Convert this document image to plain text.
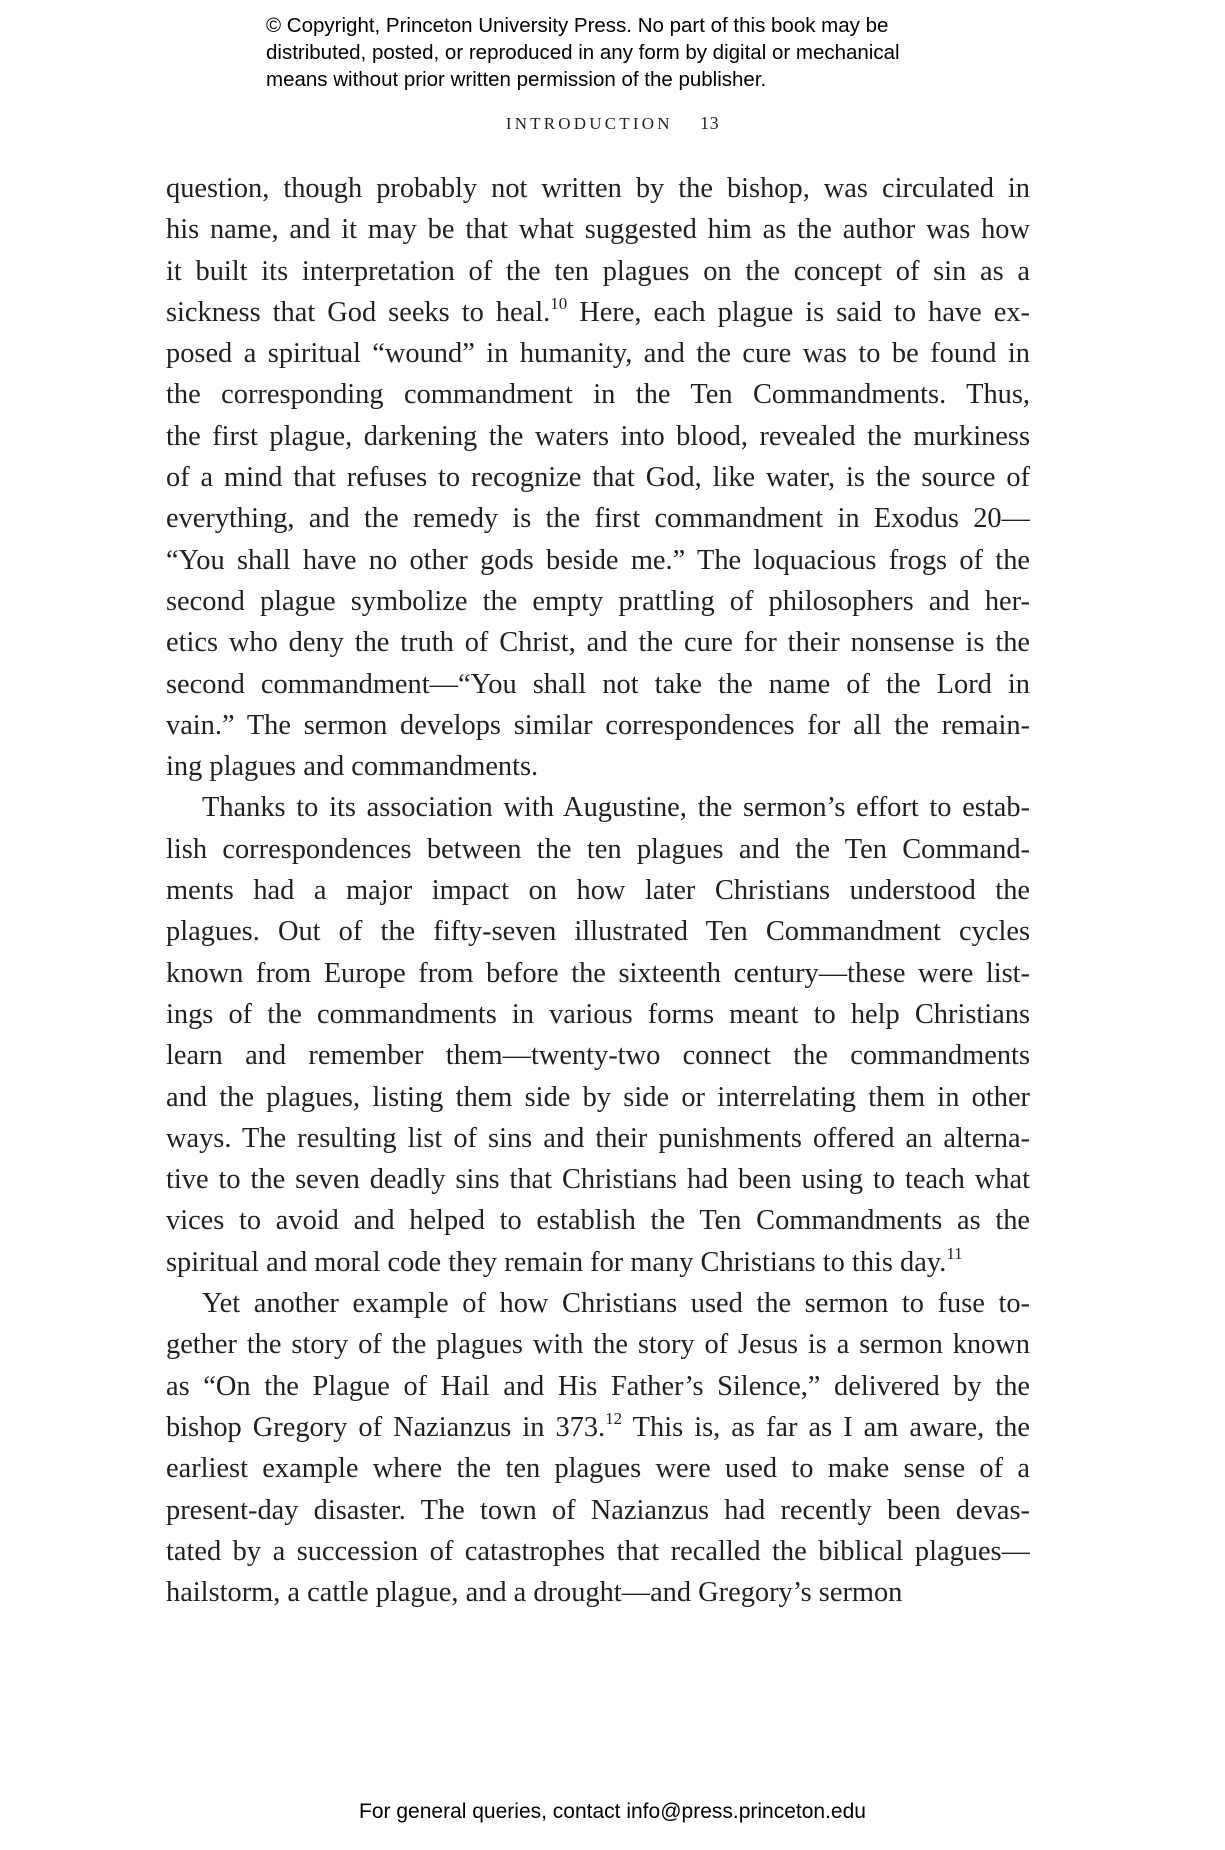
© Copyright, Princeton University Press. No part of this book may be
distributed, posted, or reproduced in any form by digital or mechanical
means without prior written permission of the publisher.
INTRODUCTION 13
question, though probably not written by the bishop, was circulated in
his name, and it may be that what suggested him as the author was how
it built its interpretation of the ten plagues on the concept of sin as a
sickness that God seeks to heal.$^{10}$ Here, each plague is said to have ex-
posed a spiritual “wound” in humanity, and the cure was to be found in
the corresponding commandment in the Ten Commandments. Thus,
the first plague, darkening the waters into blood, revealed the murkiness
of a mind that refuses to recognize that God, like water, is the source of
everything, and the remedy is the first commandment in Exodus 20—
“You shall have no other gods beside me.” The loquacious frogs of the
second plague symbolize the empty prattling of philosophers and her-
etics who deny the truth of Christ, and the cure for their nonsense is the
second commandment—“You shall not take the name of the Lord in
vain.” The sermon develops similar correspondences for all the remain-
ing plagues and commandments.
Thanks to its association with Augustine, the sermon’s effort to estab-
lish correspondences between the ten plagues and the Ten Command-
ments had a major impact on how later Christians understood the
plagues. Out of the fifty-seven illustrated Ten Commandment cycles
known from Europe from before the sixteenth century—these were list-
ings of the commandments in various forms meant to help Christians
learn and remember them—twenty-two connect the commandments
and the plagues, listing them side by side or interrelating them in other
ways. The resulting list of sins and their punishments offered an alterna-
tive to the seven deadly sins that Christians had been using to teach what
vices to avoid and helped to establish the Ten Commandments as the
spiritual and moral code they remain for many Christians to this day.$^{11}$
Yet another example of how Christians used the sermon to fuse to-
gether the story of the plagues with the story of Jesus is a sermon known
as “On the Plague of Hail and His Father’s Silence,” delivered by the
bishop Gregory of Nazianzus in 373.12 This is, as far as I am aware, the
earliest example where the ten plagues were used to make sense of a
present-day disaster. The town of Nazianzus had recently been devas-
tated by a succession of catastrophes that recalled the biblical plagues—
hailstorm, a cattle plague, and a drought—and Gregory’s sermon
For general queries, contact info@press.princeton.edu
